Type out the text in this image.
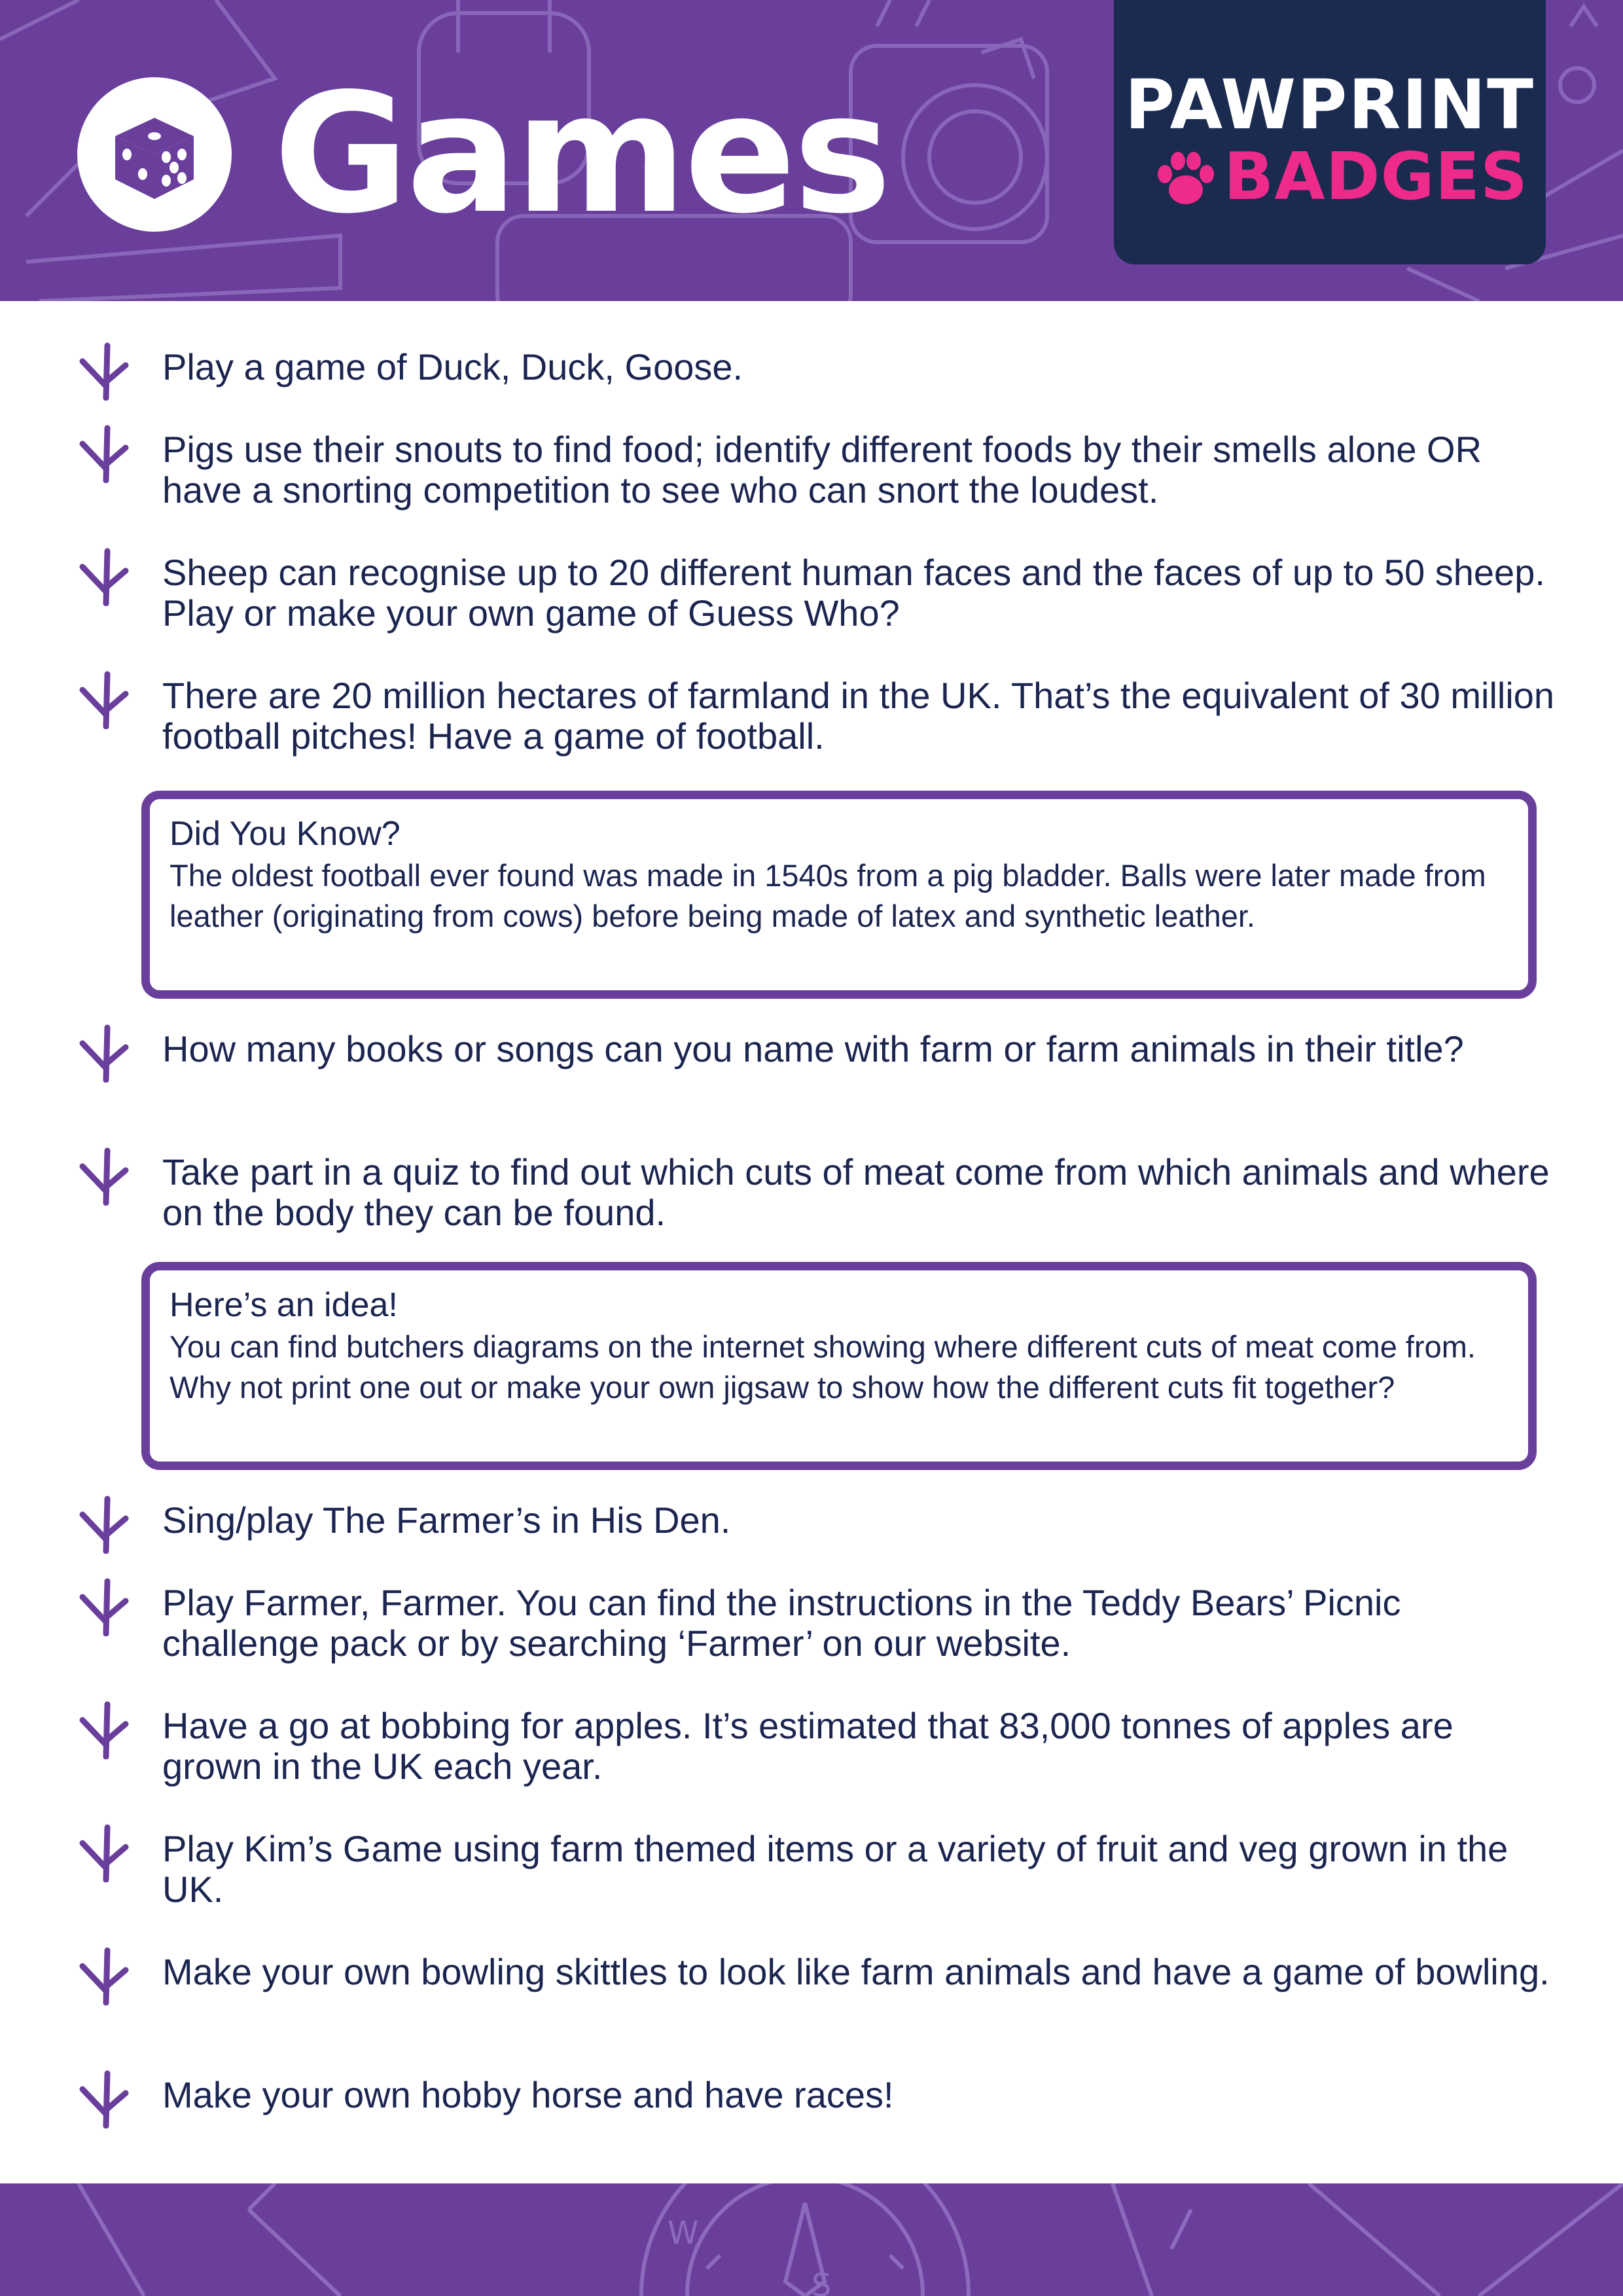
Games	PAWPRINT
BADGES
Play a game of Duck, Duck, Goose.
Pigs use their snouts to find food; identify different foods by their smells alone OR have a snorting competition to see who can snort the loudest.
Sheep can recognise up to 20 different human faces and the faces of up to 50 sheep. Play or make your own game of Guess Who?
There are 20 million hectares of farmland in the UK. That’s the equivalent of 30 million football pitches! Have a game of football.
Did You Know?
The oldest football ever found was made in 1540s from a pig bladder. Balls were later made from leather (originating from cows) before being made of latex and synthetic leather.
How many books or songs can you name with farm or farm animals in their title?
Take part in a quiz to find out which cuts of meat come from which animals and where on the body they can be found.
Here’s an idea!
You can find butchers diagrams on the internet showing where different cuts of meat come from. Why not print one out or make your own jigsaw to show how the different cuts fit together?
Sing/play The Farmer’s in His Den.
Play Farmer, Farmer. You can find the instructions in the Teddy Bears’ Picnic challenge pack or by searching ‘Farmer’ on our website.
Have a go at bobbing for apples. It’s estimated that 83,000 tonnes of apples are grown in the UK each year.
Play Kim’s Game using farm themed items or a variety of fruit and veg grown in the UK.
Make your own bowling skittles to look like farm animals and have a game of bowling.
Make your own hobby horse and have races!
W
S
